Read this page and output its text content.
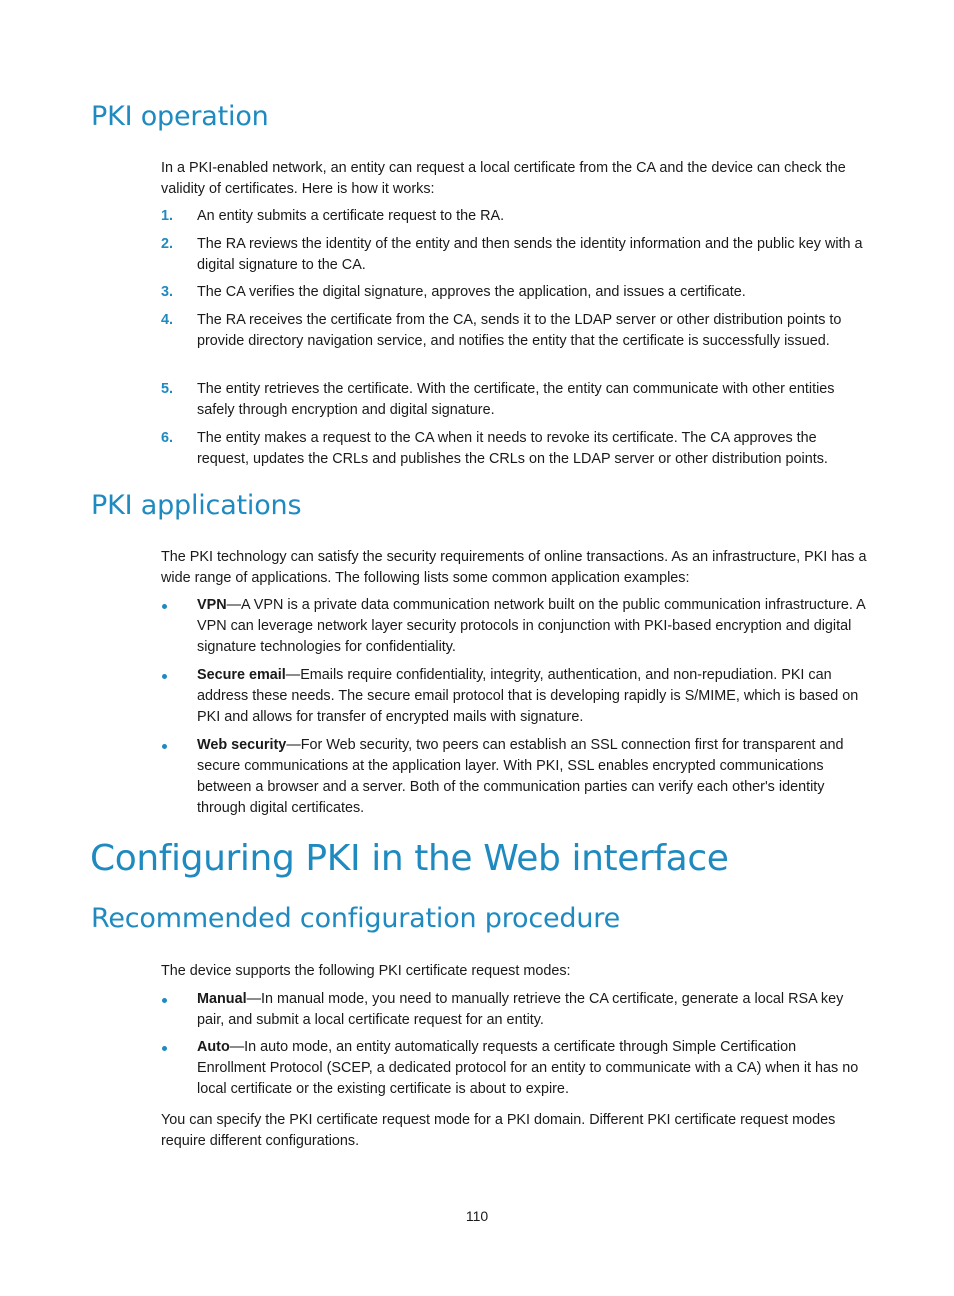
PKI operation

In a PKI-enabled network, an entity can request a local certificate from the CA and the device can check the validity of certificates. Here is how it works:

1. An entity submits a certificate request to the RA.
2. The RA reviews the identity of the entity and then sends the identity information and the public key with a digital signature to the CA.
3. The CA verifies the digital signature, approves the application, and issues a certificate.
4. The RA receives the certificate from the CA, sends it to the LDAP server or other distribution points to provide directory navigation service, and notifies the entity that the certificate is successfully issued.
5. The entity retrieves the certificate. With the certificate, the entity can communicate with other entities safely through encryption and digital signature.
6. The entity makes a request to the CA when it needs to revoke its certificate. The CA approves the request, updates the CRLs and publishes the CRLs on the LDAP server or other distribution points.
PKI applications

The PKI technology can satisfy the security requirements of online transactions. As an infrastructure, PKI has a wide range of applications. The following lists some common application examples:

VPN—A VPN is a private data communication network built on the public communication infrastructure. A VPN can leverage network layer security protocols in conjunction with PKI-based encryption and digital signature technologies for confidentiality.
Secure email—Emails require confidentiality, integrity, authentication, and non-repudiation. PKI can address these needs. The secure email protocol that is developing rapidly is S/MIME, which is based on PKI and allows for transfer of encrypted mails with signature.
Web security—For Web security, two peers can establish an SSL connection first for transparent and secure communications at the application layer. With PKI, SSL enables encrypted communications between a browser and a server. Both of the communication parties can verify each other's identity through digital certificates.
Configuring PKI in the Web interface
Recommended configuration procedure

The device supports the following PKI certificate request modes:

Manual—In manual mode, you need to manually retrieve the CA certificate, generate a local RSA key pair, and submit a local certificate request for an entity.
Auto—In auto mode, an entity automatically requests a certificate through Simple Certification Enrollment Protocol (SCEP, a dedicated protocol for an entity to communicate with a CA) when it has no local certificate or the existing certificate is about to expire.

You can specify the PKI certificate request mode for a PKI domain. Different PKI certificate request modes require different configurations.

110
